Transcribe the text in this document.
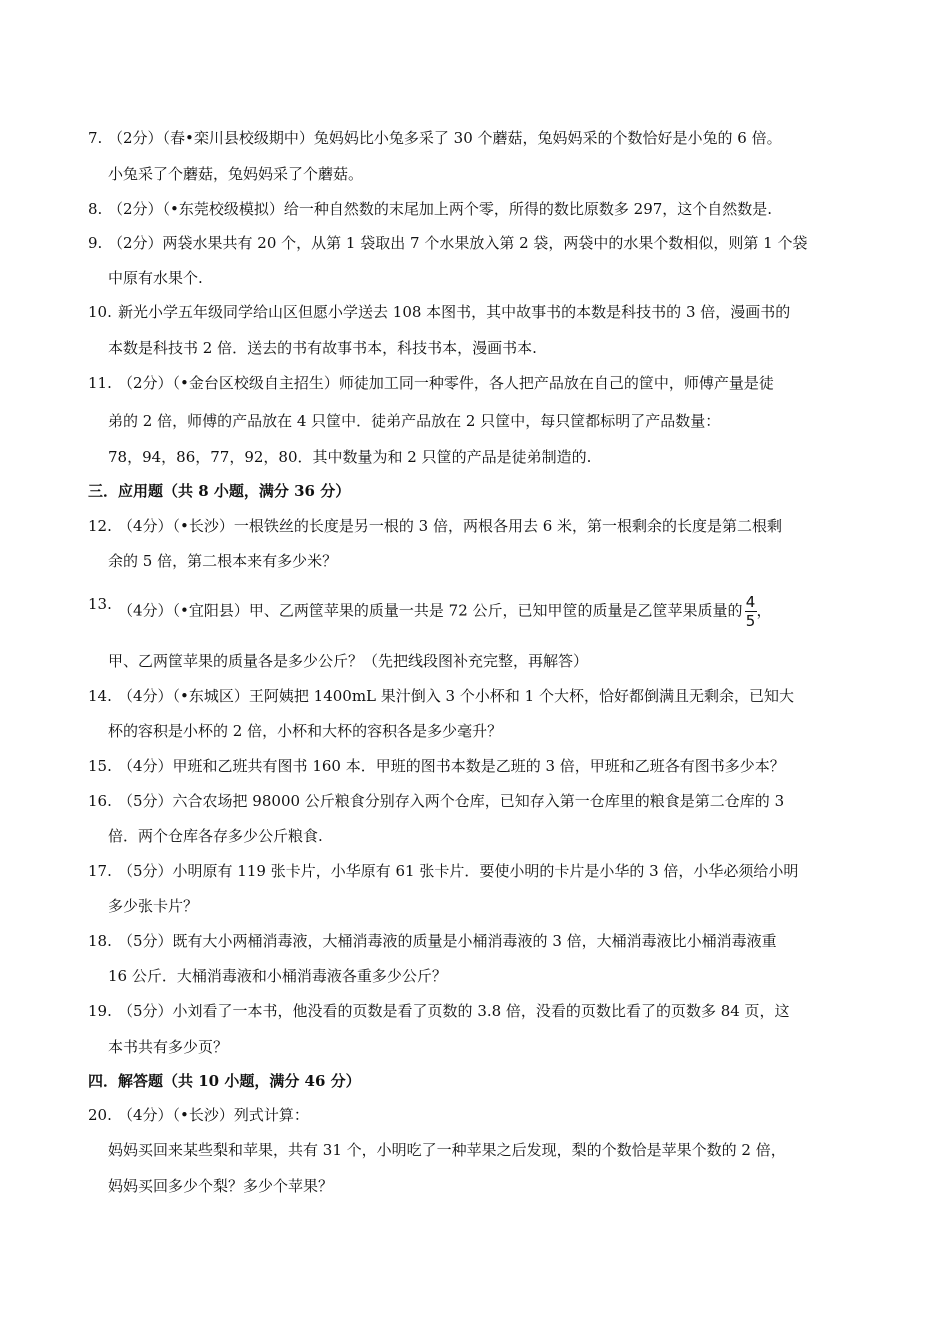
7. （2分）（春•栾川县校级期中）兔妈妈比小兔多采了 30 个蘑菇，兔妈妈采的个数恰好是小兔的 6 倍。
小兔采了个蘑菇，兔妈妈采了个蘑菇。
8. （2分）（•东莞校级模拟）给一种自然数的末尾加上两个零，所得的数比原数多 297，这个自然数是.
9. （2分）两袋水果共有 20 个，从第 1 袋取出 7 个水果放入第 2 袋，两袋中的水果个数相似，则第 1 个袋
中原有水果个.
10. 新光小学五年级同学给山区但愿小学送去 108 本图书，其中故事书的本数是科技书的 3 倍，漫画书的
本数是科技书 2 倍．送去的书有故事书本，科技书本，漫画书本.
11. （2分）（•金台区校级自主招生）师徒加工同一种零件，各人把产品放在自己的筐中，师傅产量是徒
弟的 2 倍，师傅的产品放在 4 只筐中．徒弟产品放在 2 只筐中，每只筐都标明了产品数量：
78，94，86，77，92，80．其中数量为和 2 只筐的产品是徒弟制造的.
三．应用题（共 8 小题，满分 36 分）
12. （4分）（•长沙）一根铁丝的长度是另一根的 3 倍，两根各用去 6 米，第一根剩余的长度是第二根剩
余的 5 倍，第二根本来有多少米？
13. （4分）（•宜阳县）甲、乙两筐苹果的质量一共是 72 公斤，已知甲筐的质量是乙筐苹果质量的 $\frac{4}{5}$ ，
甲、乙两筐苹果的质量各是多少公斤？（先把线段图补充完整，再解答）
14. （4分）（•东城区）王阿姨把 1400mL 果汁倒入 3 个小杯和 1 个大杯，恰好都倒满且无剩余，已知大
杯的容积是小杯的 2 倍，小杯和大杯的容积各是多少毫升？
15. （4分）甲班和乙班共有图书 160 本．甲班的图书本数是乙班的 3 倍，甲班和乙班各有图书多少本？
16. （5分）六合农场把 98000 公斤粮食分别存入两个仓库，已知存入第一仓库里的粮食是第二仓库的 3
倍．两个仓库各存多少公斤粮食.
17. （5分）小明原有 119 张卡片，小华原有 61 张卡片．要使小明的卡片是小华的 3 倍，小华必须给小明
多少张卡片？
18. （5分）既有大小两桶消毒液，大桶消毒液的质量是小桶消毒液的 3 倍，大桶消毒液比小桶消毒液重
16 公斤．大桶消毒液和小桶消毒液各重多少公斤？
19. （5分）小刘看了一本书，他没看的页数是看了页数的 3.8 倍，没看的页数比看了的页数多 84 页，这
本书共有多少页？
四．解答题（共 10 小题，满分 46 分）
20. （4分）（•长沙）列式计算：
妈妈买回来某些梨和苹果，共有 31 个，小明吃了一种苹果之后发现，梨的个数恰是苹果个数的 2 倍，
妈妈买回多少个梨？多少个苹果？
